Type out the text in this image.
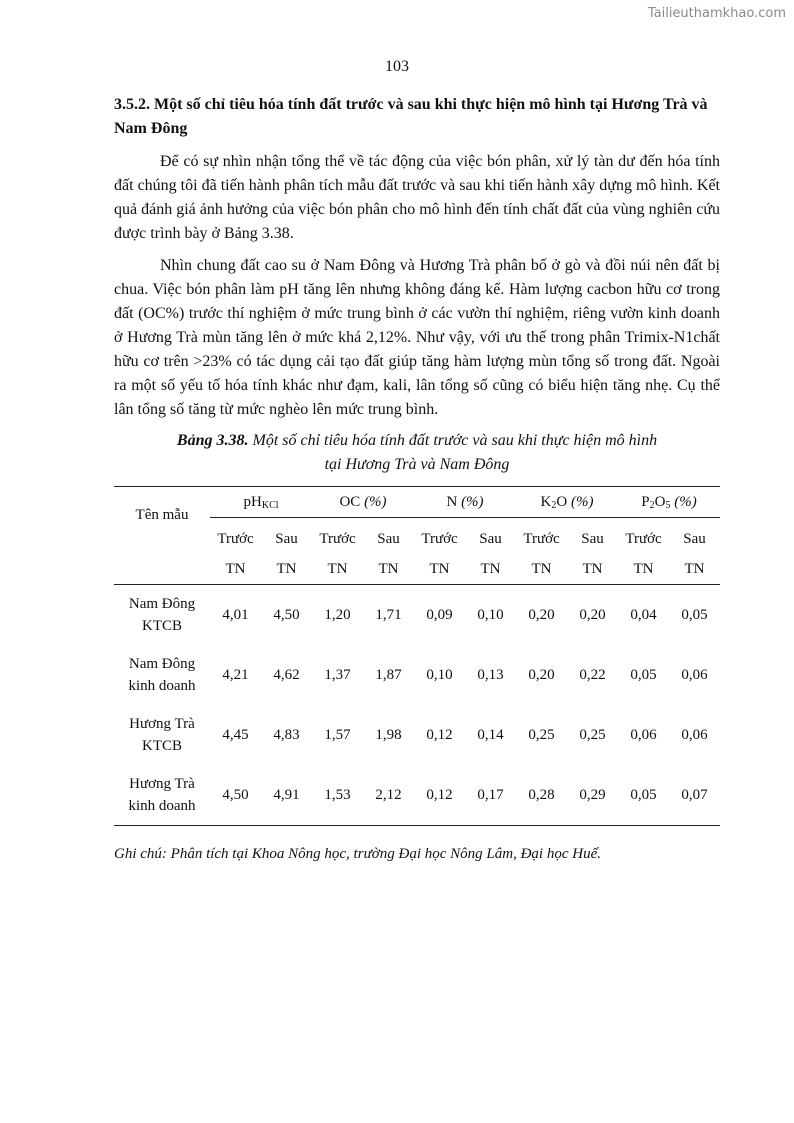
Tailieuthamkhao.com
103
3.5.2. Một số chỉ tiêu hóa tính đất trước và sau khi thực hiện mô hình tại Hương Trà và Nam Đông

Để có sự nhìn nhận tổng thể về tác động của việc bón phân, xử lý tàn dư đến hóa tính đất chúng tôi đã tiến hành phân tích mẫu đất trước và sau khi tiến hành xây dựng mô hình. Kết quả đánh giá ảnh hưởng của việc bón phân cho mô hình đến tính chất đất của vùng nghiên cứu được trình bày ở Bảng 3.38.

Nhìn chung đất cao su ở Nam Đông và Hương Trà phân bố ở gò và đồi núi nên đất bị chua. Việc bón phân làm pH tăng lên nhưng không đáng kể. Hàm lượng cacbon hữu cơ trong đất (OC%) trước thí nghiệm ở mức trung bình ở các vườn thí nghiệm, riêng vườn kinh doanh ở Hương Trà mùn tăng lên ở mức khá 2,12%. Như vậy, với ưu thế trong phân Trimix-N1chất hữu cơ trên >23% có tác dụng cải tạo đất giúp tăng hàm lượng mùn tổng số trong đất. Ngoài ra một số yếu tố hóa tính khác như đạm, kali, lân tổng số cũng có biểu hiện tăng nhẹ. Cụ thể lân tổng số tăng từ mức nghèo lên mức trung bình.

Bảng 3.38. Một số chỉ tiêu hóa tính đất trước và sau khi thực hiện mô hình
tại Hương Trà và Nam Đông
Tên mẫu	$pH_{KCl}$		OC (%)		N (%)		$K_2O$ (%)		$P_2O_5$ (%)	
	Trước	Sau	Trước	Sau	Trước	Sau	Trước	Sau	Trước	Sau
	TN	TN	TN	TN	TN	TN	TN	TN	TN	TN

Nam Đông
KTCB	4,01	4,50	1,20	1,71	0,09	0,10	0,20	0,20	0,04	0,05

Nam Đông
kinh doanh	4,21	4,62	1,37	1,87	0,10	0,13	0,20	0,22	0,05	0,06

Hương Trà
KTCB	4,45	4,83	1,57	1,98	0,12	0,14	0,25	0,25	0,06	0,06

Hương Trà
kinh doanh	4,50	4,91	1,53	2,12	0,12	0,17	0,28	0,29	0,05	0,07
Ghi chú: Phân tích tại Khoa Nông học, trường Đại học Nông Lâm, Đại học Huế.
